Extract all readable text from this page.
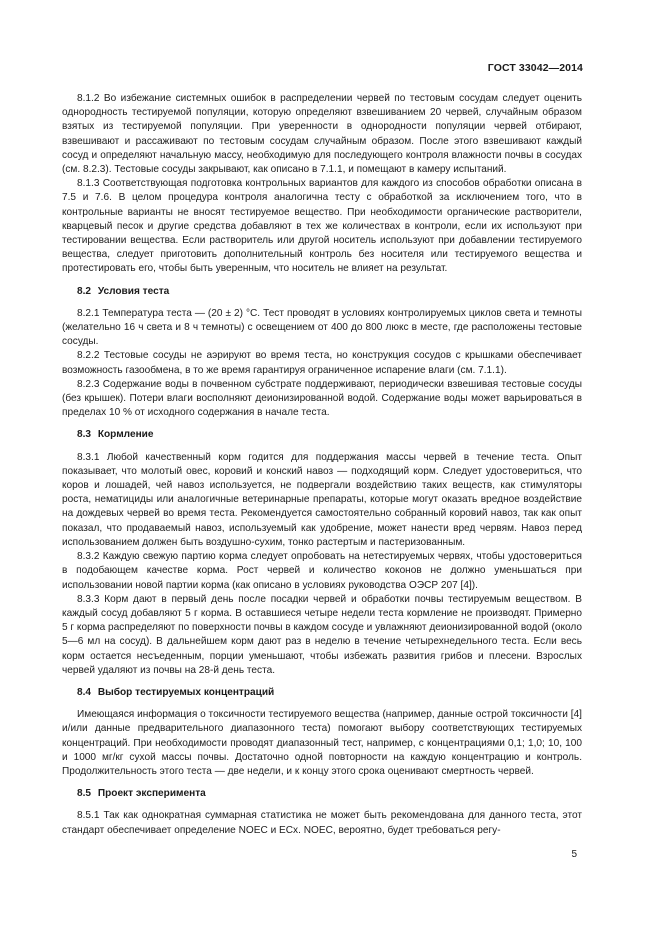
ГОСТ 33042—2014

8.1.2 Во избежание системных ошибок в распределении червей по тестовым сосудам следует оценить однородность тестируемой популяции, которую определяют взвешиванием 20 червей, случайным образом взятых из тестируемой популяции. При уверенности в однородности популяции червей отбирают, взвешивают и рассаживают по тестовым сосудам случайным образом. После этого взвешивают каждый сосуд и определяют начальную массу, необходимую для последующего контроля влажности почвы в сосудах (см. 8.2.3). Тестовые сосуды закрывают, как описано в 7.1.1, и помещают в камеру испытаний.

8.1.3 Соответствующая подготовка контрольных вариантов для каждого из способов обработки описана в 7.5 и 7.6. В целом процедура контроля аналогична тесту с обработкой за исключением того, что в контрольные варианты не вносят тестируемое вещество. При необходимости органические растворители, кварцевый песок и другие средства добавляют в тех же количествах в контроли, если их используют при тестировании вещества. Если растворитель или другой носитель используют при добавлении тестируемого вещества, следует приготовить дополнительный контроль без носителя или тестируемого вещества и протестировать его, чтобы быть уверенным, что носитель не влияет на результат.

8.2 Условия теста

8.2.1 Температура теста — (20 ± 2) °С. Тест проводят в условиях контролируемых циклов света и темноты (желательно 16 ч света и 8 ч темноты) с освещением от 400 до 800 люкс в месте, где расположены тестовые сосуды.

8.2.2 Тестовые сосуды не аэрируют во время теста, но конструкция сосудов с крышками обеспечивает возможность газообмена, в то же время гарантируя ограниченное испарение влаги (см. 7.1.1).

8.2.3 Содержание воды в почвенном субстрате поддерживают, периодически взвешивая тестовые сосуды (без крышек). Потери влаги восполняют деионизированной водой. Содержание воды может варьироваться в пределах 10 % от исходного содержания в начале теста.

8.3 Кормление

8.3.1 Любой качественный корм годится для поддержания массы червей в течение теста. Опыт показывает, что молотый овес, коровий и конский навоз — подходящий корм. Следует удостовериться, что коров и лошадей, чей навоз используется, не подвергали воздействию таких веществ, как стимуляторы роста, нематициды или аналогичные ветеринарные препараты, которые могут оказать вредное воздействие на дождевых червей во время теста. Рекомендуется самостоятельно собранный коровий навоз, так как опыт показал, что продаваемый навоз, используемый как удобрение, может нанести вред червям. Навоз перед использованием должен быть воздушно-сухим, тонко растертым и пастеризованным.

8.3.2 Каждую свежую партию корма следует опробовать на нетестируемых червях, чтобы удостовериться в подобающем качестве корма. Рост червей и количество коконов не должно уменьшаться при использовании новой партии корма (как описано в условиях руководства ОЭСР 207 [4]).

8.3.3 Корм дают в первый день после посадки червей и обработки почвы тестируемым веществом. В каждый сосуд добавляют 5 г корма. В оставшиеся четыре недели теста кормление не производят. Примерно 5 г корма распределяют по поверхности почвы в каждом сосуде и увлажняют деионизированной водой (около 5—6 мл на сосуд). В дальнейшем корм дают раз в неделю в течение четырехнедельного теста. Если весь корм остается несъеденным, порции уменьшают, чтобы избежать развития грибов и плесени. Взрослых червей удаляют из почвы на 28-й день теста.

8.4 Выбор тестируемых концентраций

Имеющаяся информация о токсичности тестируемого вещества (например, данные острой токсичности [4] и/или данные предварительного диапазонного теста) помогают выбору соответствующих тестируемых концентраций. При необходимости проводят диапазонный тест, например, с концентрациями 0,1; 1,0; 10, 100 и 1000 мг/кг сухой массы почвы. Достаточно одной повторности на каждую концентрацию и контроль. Продолжительность этого теста — две недели, и к концу этого срока оценивают смертность червей.

8.5 Проект эксперимента

8.5.1 Так как однократная суммарная статистика не может быть рекомендована для данного теста, этот стандарт обеспечивает определение NOEC и ECx. NOEC, вероятно, будет требоваться регу-

5
